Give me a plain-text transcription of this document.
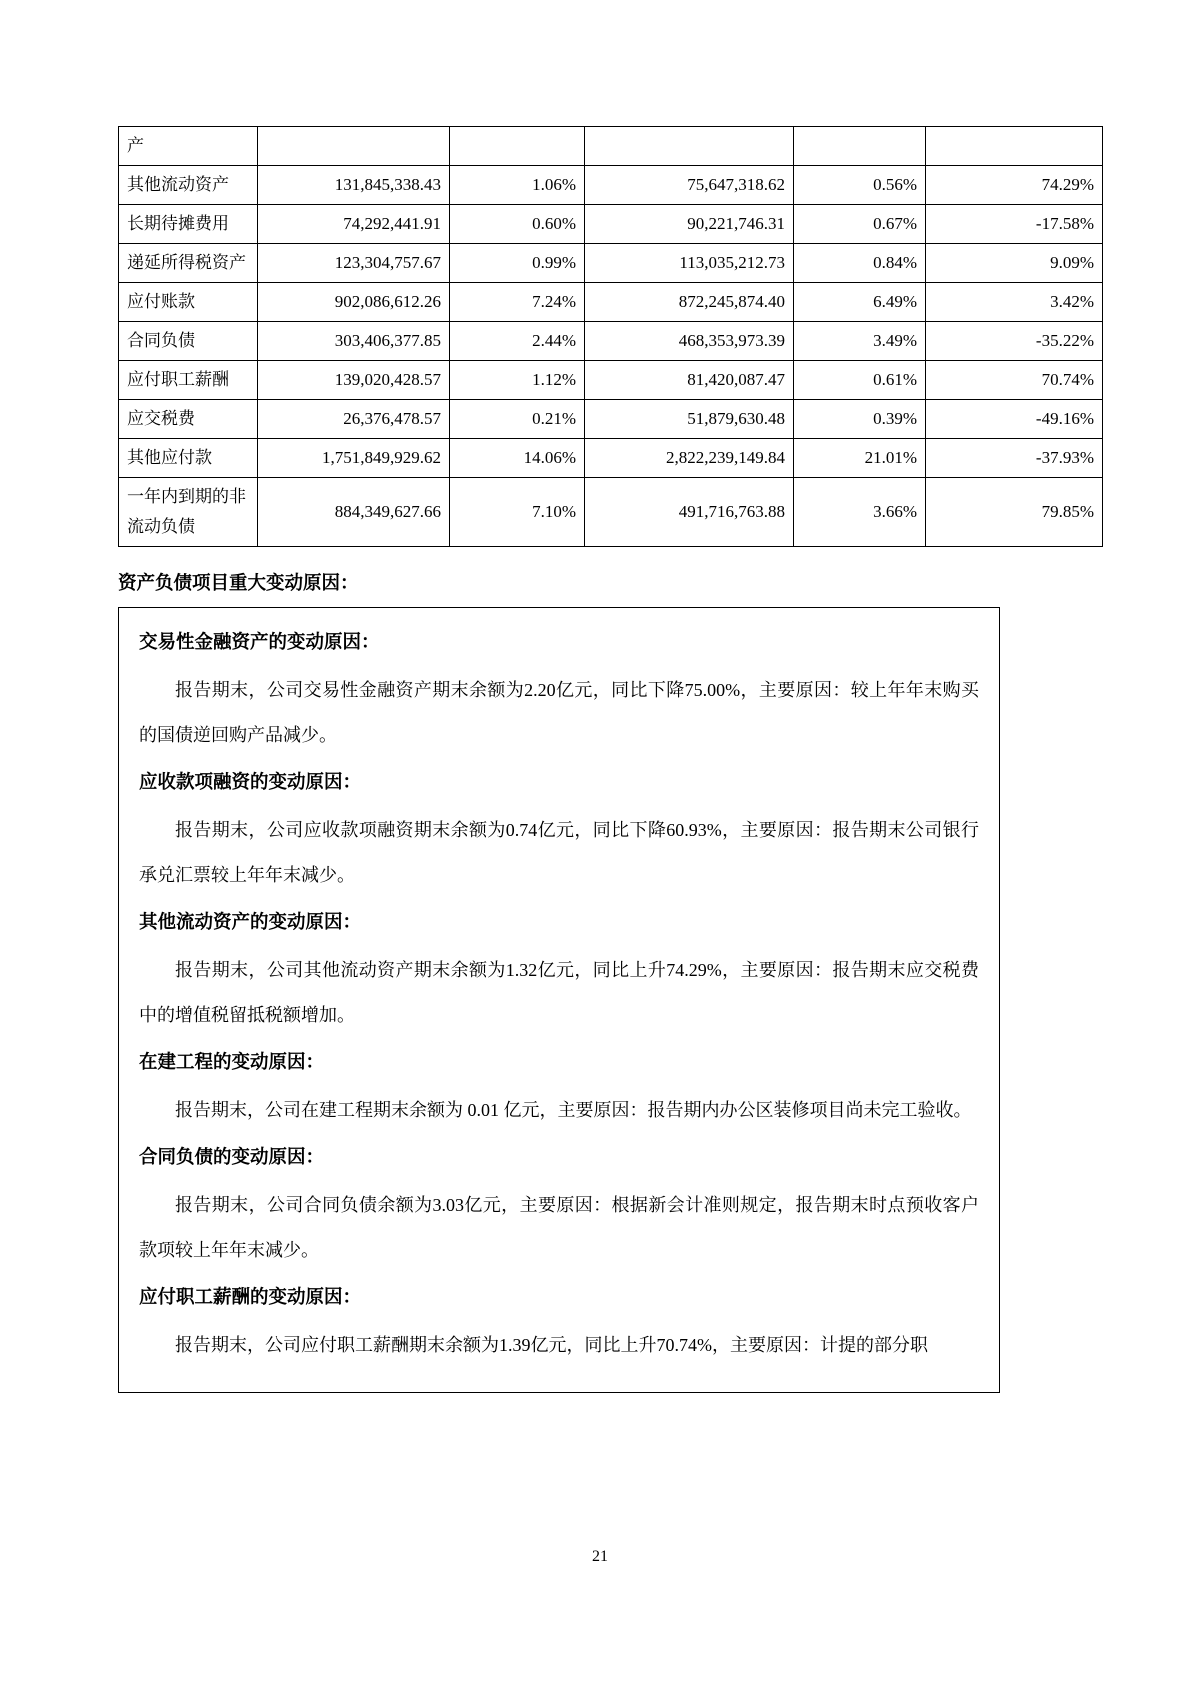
产					
其他流动资产	131,845,338.43	1.06%	75,647,318.62	0.56%	74.29%
长期待摊费用	74,292,441.91	0.60%	90,221,746.31	0.67%	-17.58%
递延所得税资产	123,304,757.67	0.99%	113,035,212.73	0.84%	9.09%
应付账款	902,086,612.26	7.24%	872,245,874.40	6.49%	3.42%
合同负债	303,406,377.85	2.44%	468,353,973.39	3.49%	-35.22%
应付职工薪酬	139,020,428.57	1.12%	81,420,087.47	0.61%	70.74%
应交税费	26,376,478.57	0.21%	51,879,630.48	0.39%	-49.16%
其他应付款	1,751,849,929.62	14.06%	2,822,239,149.84	21.01%	-37.93%
一年内到期的非流动负债	884,349,627.66	7.10%	491,716,763.88	3.66%	79.85%
资产负债项目重大变动原因：
交易性金融资产的变动原因：
报告期末，公司交易性金融资产期末余额为2.20亿元，同比下降75.00%，主要原因：较上年年末购买的国债逆回购产品减少。
应收款项融资的变动原因：
报告期末，公司应收款项融资期末余额为0.74亿元，同比下降60.93%，主要原因：报告期末公司银行承兑汇票较上年年末减少。
其他流动资产的变动原因：
报告期末，公司其他流动资产期末余额为1.32亿元，同比上升74.29%，主要原因：报告期末应交税费中的增值税留抵税额增加。
在建工程的变动原因：
报告期末，公司在建工程期末余额为 0.01 亿元，主要原因：报告期内办公区装修项目尚未完工验收。
合同负债的变动原因：
报告期末，公司合同负债余额为3.03亿元，主要原因：根据新会计准则规定，报告期末时点预收客户款项较上年年末减少。
应付职工薪酬的变动原因：
报告期末，公司应付职工薪酬期末余额为1.39亿元，同比上升70.74%，主要原因：计提的部分职
21
